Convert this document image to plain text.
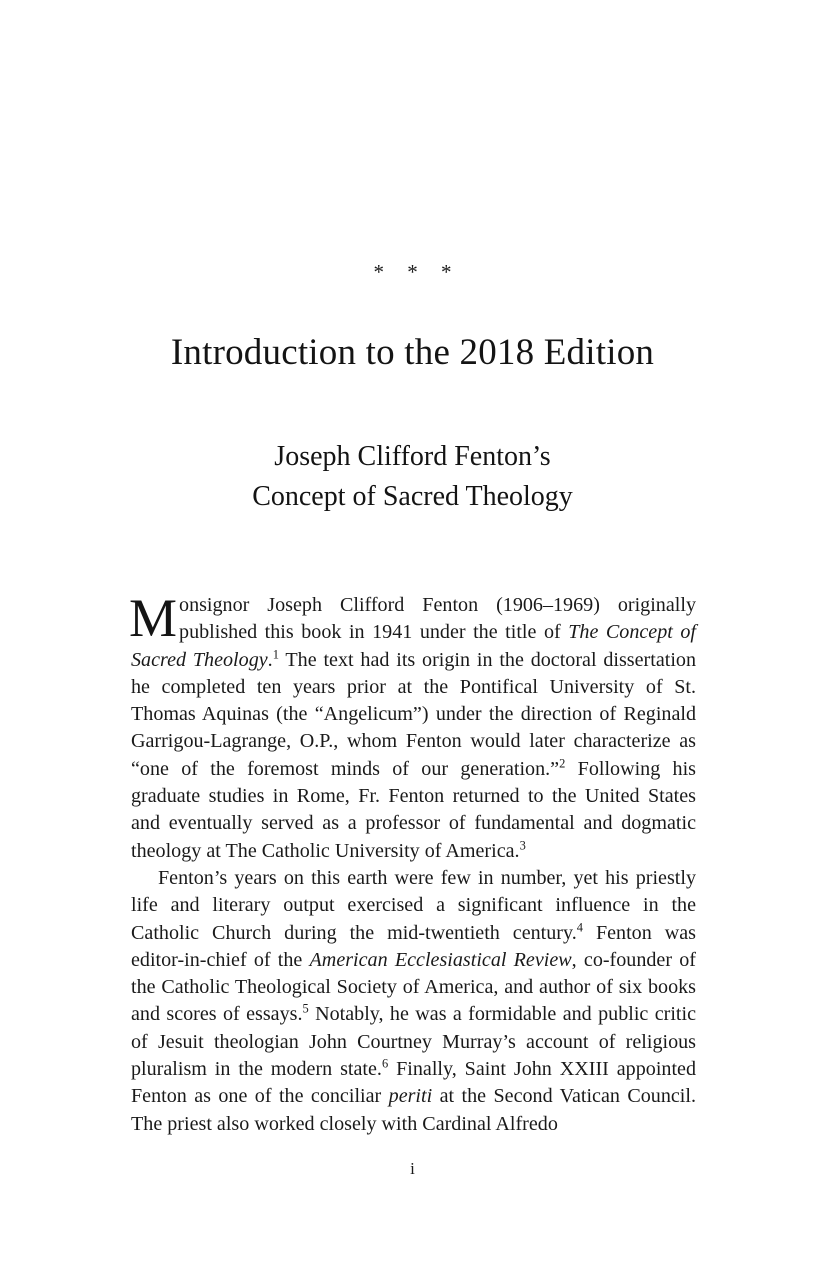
* * *
Introduction to the 2018 Edition
Joseph Clifford Fenton’s
Concept of Sacred Theology

Monsignor Joseph Clifford Fenton (1906–1969) originally published this book in 1941 under the title of The Concept of Sacred Theology.$^1$ The text had its origin in the doctoral dissertation he completed ten years prior at the Pontifical University of St. Thomas Aquinas (the “Angelicum”) under the direction of Reginald Garrigou-Lagrange, O.P., whom Fenton would later characterize as “one of the foremost minds of our generation.”$^2$ Following his graduate studies in Rome, Fr. Fenton returned to the United States and eventually served as a professor of fundamental and dogmatic theology at The Catholic University of America.$^3$

Fenton’s years on this earth were few in number, yet his priestly life and literary output exercised a significant influence in the Catholic Church during the mid-twentieth century.$^4$ Fenton was editor-in-chief of the American Ecclesiastical Review, co-founder of the Catholic Theological Society of America, and author of six books and scores of essays.$^5$ Notably, he was a formidable and public critic of Jesuit theologian John Courtney Murray’s account of religious pluralism in the modern state.$^6$ Finally, Saint John XXIII appointed Fenton as one of the conciliar periti at the Second Vatican Council. The priest also worked closely with Cardinal Alfredo

i
